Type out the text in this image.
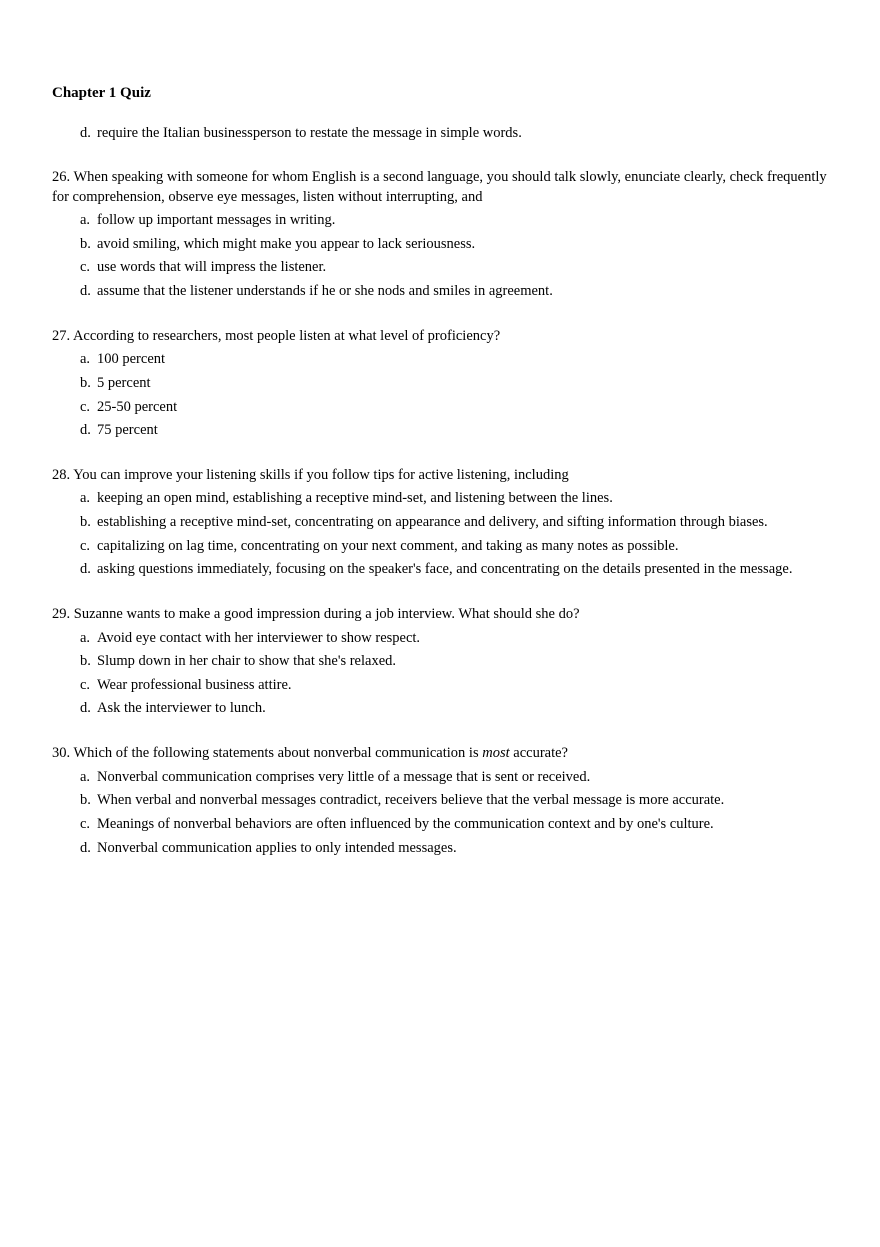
Chapter 1 Quiz
d. require the Italian businessperson to restate the message in simple words.

26. When speaking with someone for whom English is a second language, you should talk slowly, enunciate clearly, check frequently for comprehension, observe eye messages, listen without interrupting, and

a. follow up important messages in writing.
b. avoid smiling, which might make you appear to lack seriousness.
c. use words that will impress the listener.
d. assume that the listener understands if he or she nods and smiles in agreement.

27. According to researchers, most people listen at what level of proficiency?

a. 100 percent
b. 5 percent
c. 25-50 percent
d. 75 percent

28. You can improve your listening skills if you follow tips for active listening, including

a. keeping an open mind, establishing a receptive mind-set, and listening between the lines.
b. establishing a receptive mind-set, concentrating on appearance and delivery, and sifting information through biases.
c. capitalizing on lag time, concentrating on your next comment, and taking as many notes as possible.
d. asking questions immediately, focusing on the speaker's face, and concentrating on the details presented in the message.

29. Suzanne wants to make a good impression during a job interview. What should she do?

a. Avoid eye contact with her interviewer to show respect.
b. Slump down in her chair to show that she's relaxed.
c. Wear professional business attire.
d. Ask the interviewer to lunch.

30. Which of the following statements about nonverbal communication is most accurate?

a. Nonverbal communication comprises very little of a message that is sent or received.
b. When verbal and nonverbal messages contradict, receivers believe that the verbal message is more accurate.
c. Meanings of nonverbal behaviors are often influenced by the communication context and by one's culture.
d. Nonverbal communication applies to only intended messages.
